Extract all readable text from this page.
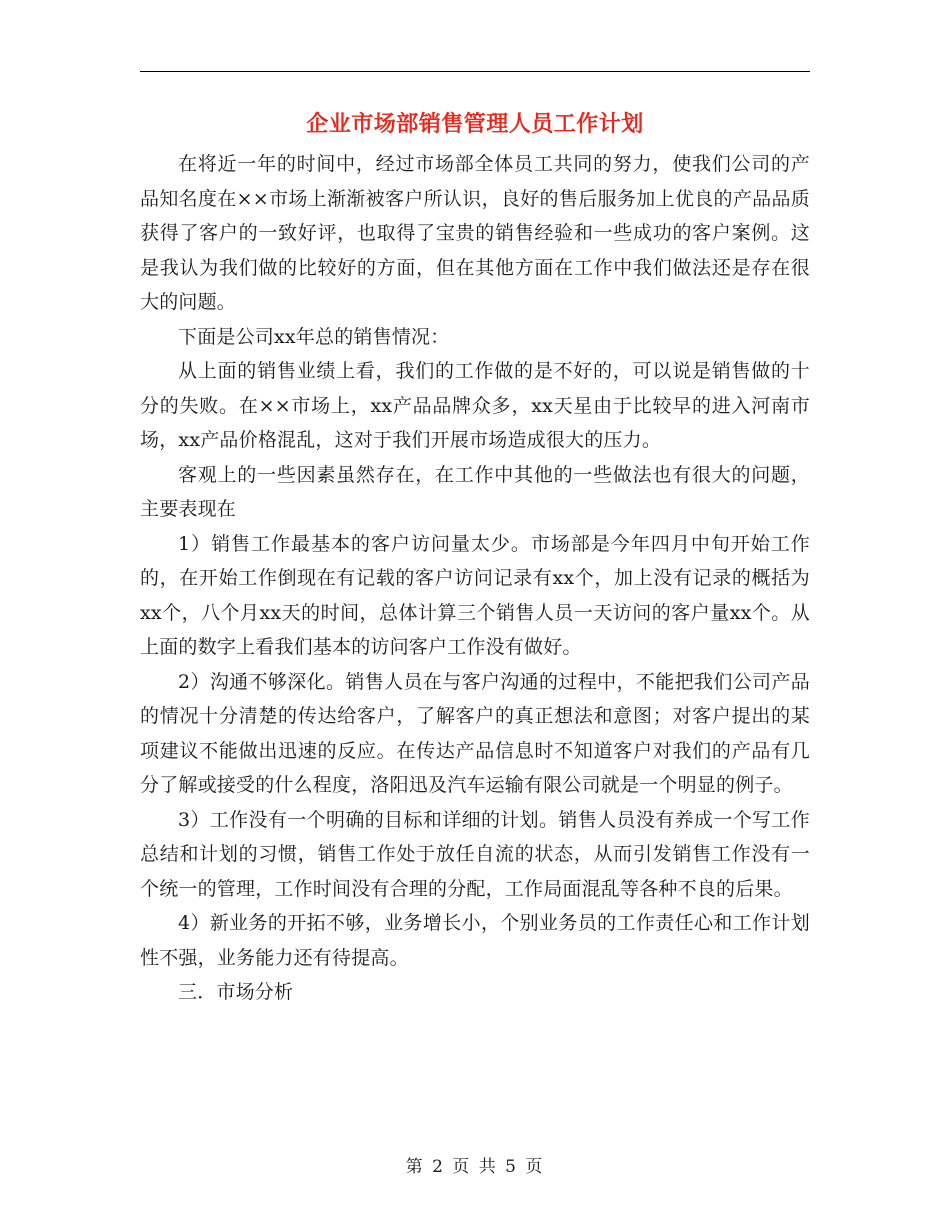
企业市场部销售管理人员工作计划

在将近一年的时间中，经过市场部全体员工共同的努力，使我们公司的产品知名度在××市场上渐渐被客户所认识，良好的售后服务加上优良的产品品质获得了客户的一致好评，也取得了宝贵的销售经验和一些成功的客户案例。这是我认为我们做的比较好的方面，但在其他方面在工作中我们做法还是存在很大的问题。

下面是公司xx年总的销售情况：

从上面的销售业绩上看，我们的工作做的是不好的，可以说是销售做的十分的失败。在××市场上，xx产品品牌众多，xx天星由于比较早的进入河南市场，xx产品价格混乱，这对于我们开展市场造成很大的压力。

客观上的一些因素虽然存在，在工作中其他的一些做法也有很大的问题，主要表现在

1）销售工作最基本的客户访问量太少。市场部是今年四月中旬开始工作的，在开始工作倒现在有记载的客户访问记录有xx个，加上没有记录的概括为xx个，八个月xx天的时间，总体计算三个销售人员一天访问的客户量xx个。从上面的数字上看我们基本的访问客户工作没有做好。

2）沟通不够深化。销售人员在与客户沟通的过程中，不能把我们公司产品的情况十分清楚的传达给客户，了解客户的真正想法和意图；对客户提出的某项建议不能做出迅速的反应。在传达产品信息时不知道客户对我们的产品有几分了解或接受的什么程度，洛阳迅及汽车运输有限公司就是一个明显的例子。

3）工作没有一个明确的目标和详细的计划。销售人员没有养成一个写工作总结和计划的习惯，销售工作处于放任自流的状态，从而引发销售工作没有一个统一的管理，工作时间没有合理的分配，工作局面混乱等各种不良的后果。

4）新业务的开拓不够，业务增长小，个别业务员的工作责任心和工作计划性不强，业务能力还有待提高。

三．市场分析

第 2 页 共 5 页
